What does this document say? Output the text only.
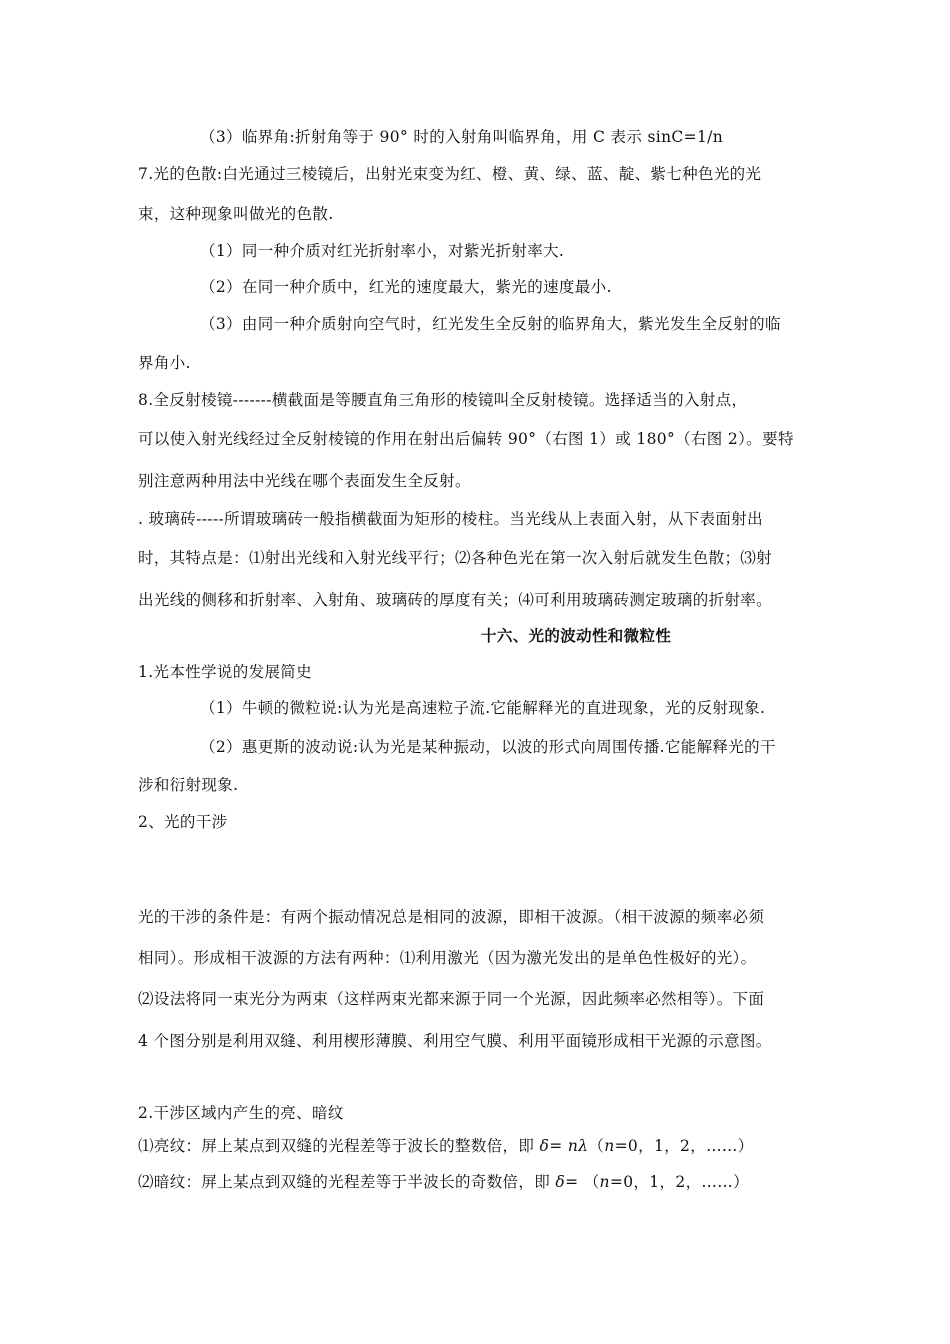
（3）临界角:折射角等于 90° 时的入射角叫临界角，用 C 表示 sinC=1/n
7.光的色散:白光通过三棱镜后，出射光束变为红、橙、黄、绿、蓝、靛、紫七种色光的光
束，这种现象叫做光的色散.
（1）同一种介质对红光折射率小，对紫光折射率大.
（2）在同一种介质中，红光的速度最大，紫光的速度最小.
（3）由同一种介质射向空气时，红光发生全反射的临界角大，紫光发生全反射的临
界角小.
8.全反射棱镜-------横截面是等腰直角三角形的棱镜叫全反射棱镜。选择适当的入射点，
可以使入射光线经过全反射棱镜的作用在射出后偏转 90°（右图 1）或 180°（右图 2）。要特
别注意两种用法中光线在哪个表面发生全反射。
. 玻璃砖-----所谓玻璃砖一般指横截面为矩形的棱柱。当光线从上表面入射，从下表面射出
时，其特点是：⑴射出光线和入射光线平行；⑵各种色光在第一次入射后就发生色散；⑶射
出光线的侧移和折射率、入射角、玻璃砖的厚度有关；⑷可利用玻璃砖测定玻璃的折射率。
十六、光的波动性和微粒性
1.光本性学说的发展简史
（1）牛顿的微粒说:认为光是高速粒子流.它能解释光的直进现象，光的反射现象.
（2）惠更斯的波动说:认为光是某种振动，以波的形式向周围传播.它能解释光的干
涉和衍射现象.
2、光的干涉
光的干涉的条件是：有两个振动情况总是相同的波源，即相干波源。（相干波源的频率必须
相同）。形成相干波源的方法有两种：⑴利用激光（因为激光发出的是单色性极好的光）。
⑵设法将同一束光分为两束（这样两束光都来源于同一个光源，因此频率必然相等）。下面
4 个图分别是利用双缝、利用楔形薄膜、利用空气膜、利用平面镜形成相干光源的示意图。
2.干涉区域内产生的亮、暗纹
⑴亮纹：屏上某点到双缝的光程差等于波长的整数倍，即 δ= nλ（n=0，1，2，……）
⑵暗纹：屏上某点到双缝的光程差等于半波长的奇数倍，即 δ= （n=0，1，2，……）
